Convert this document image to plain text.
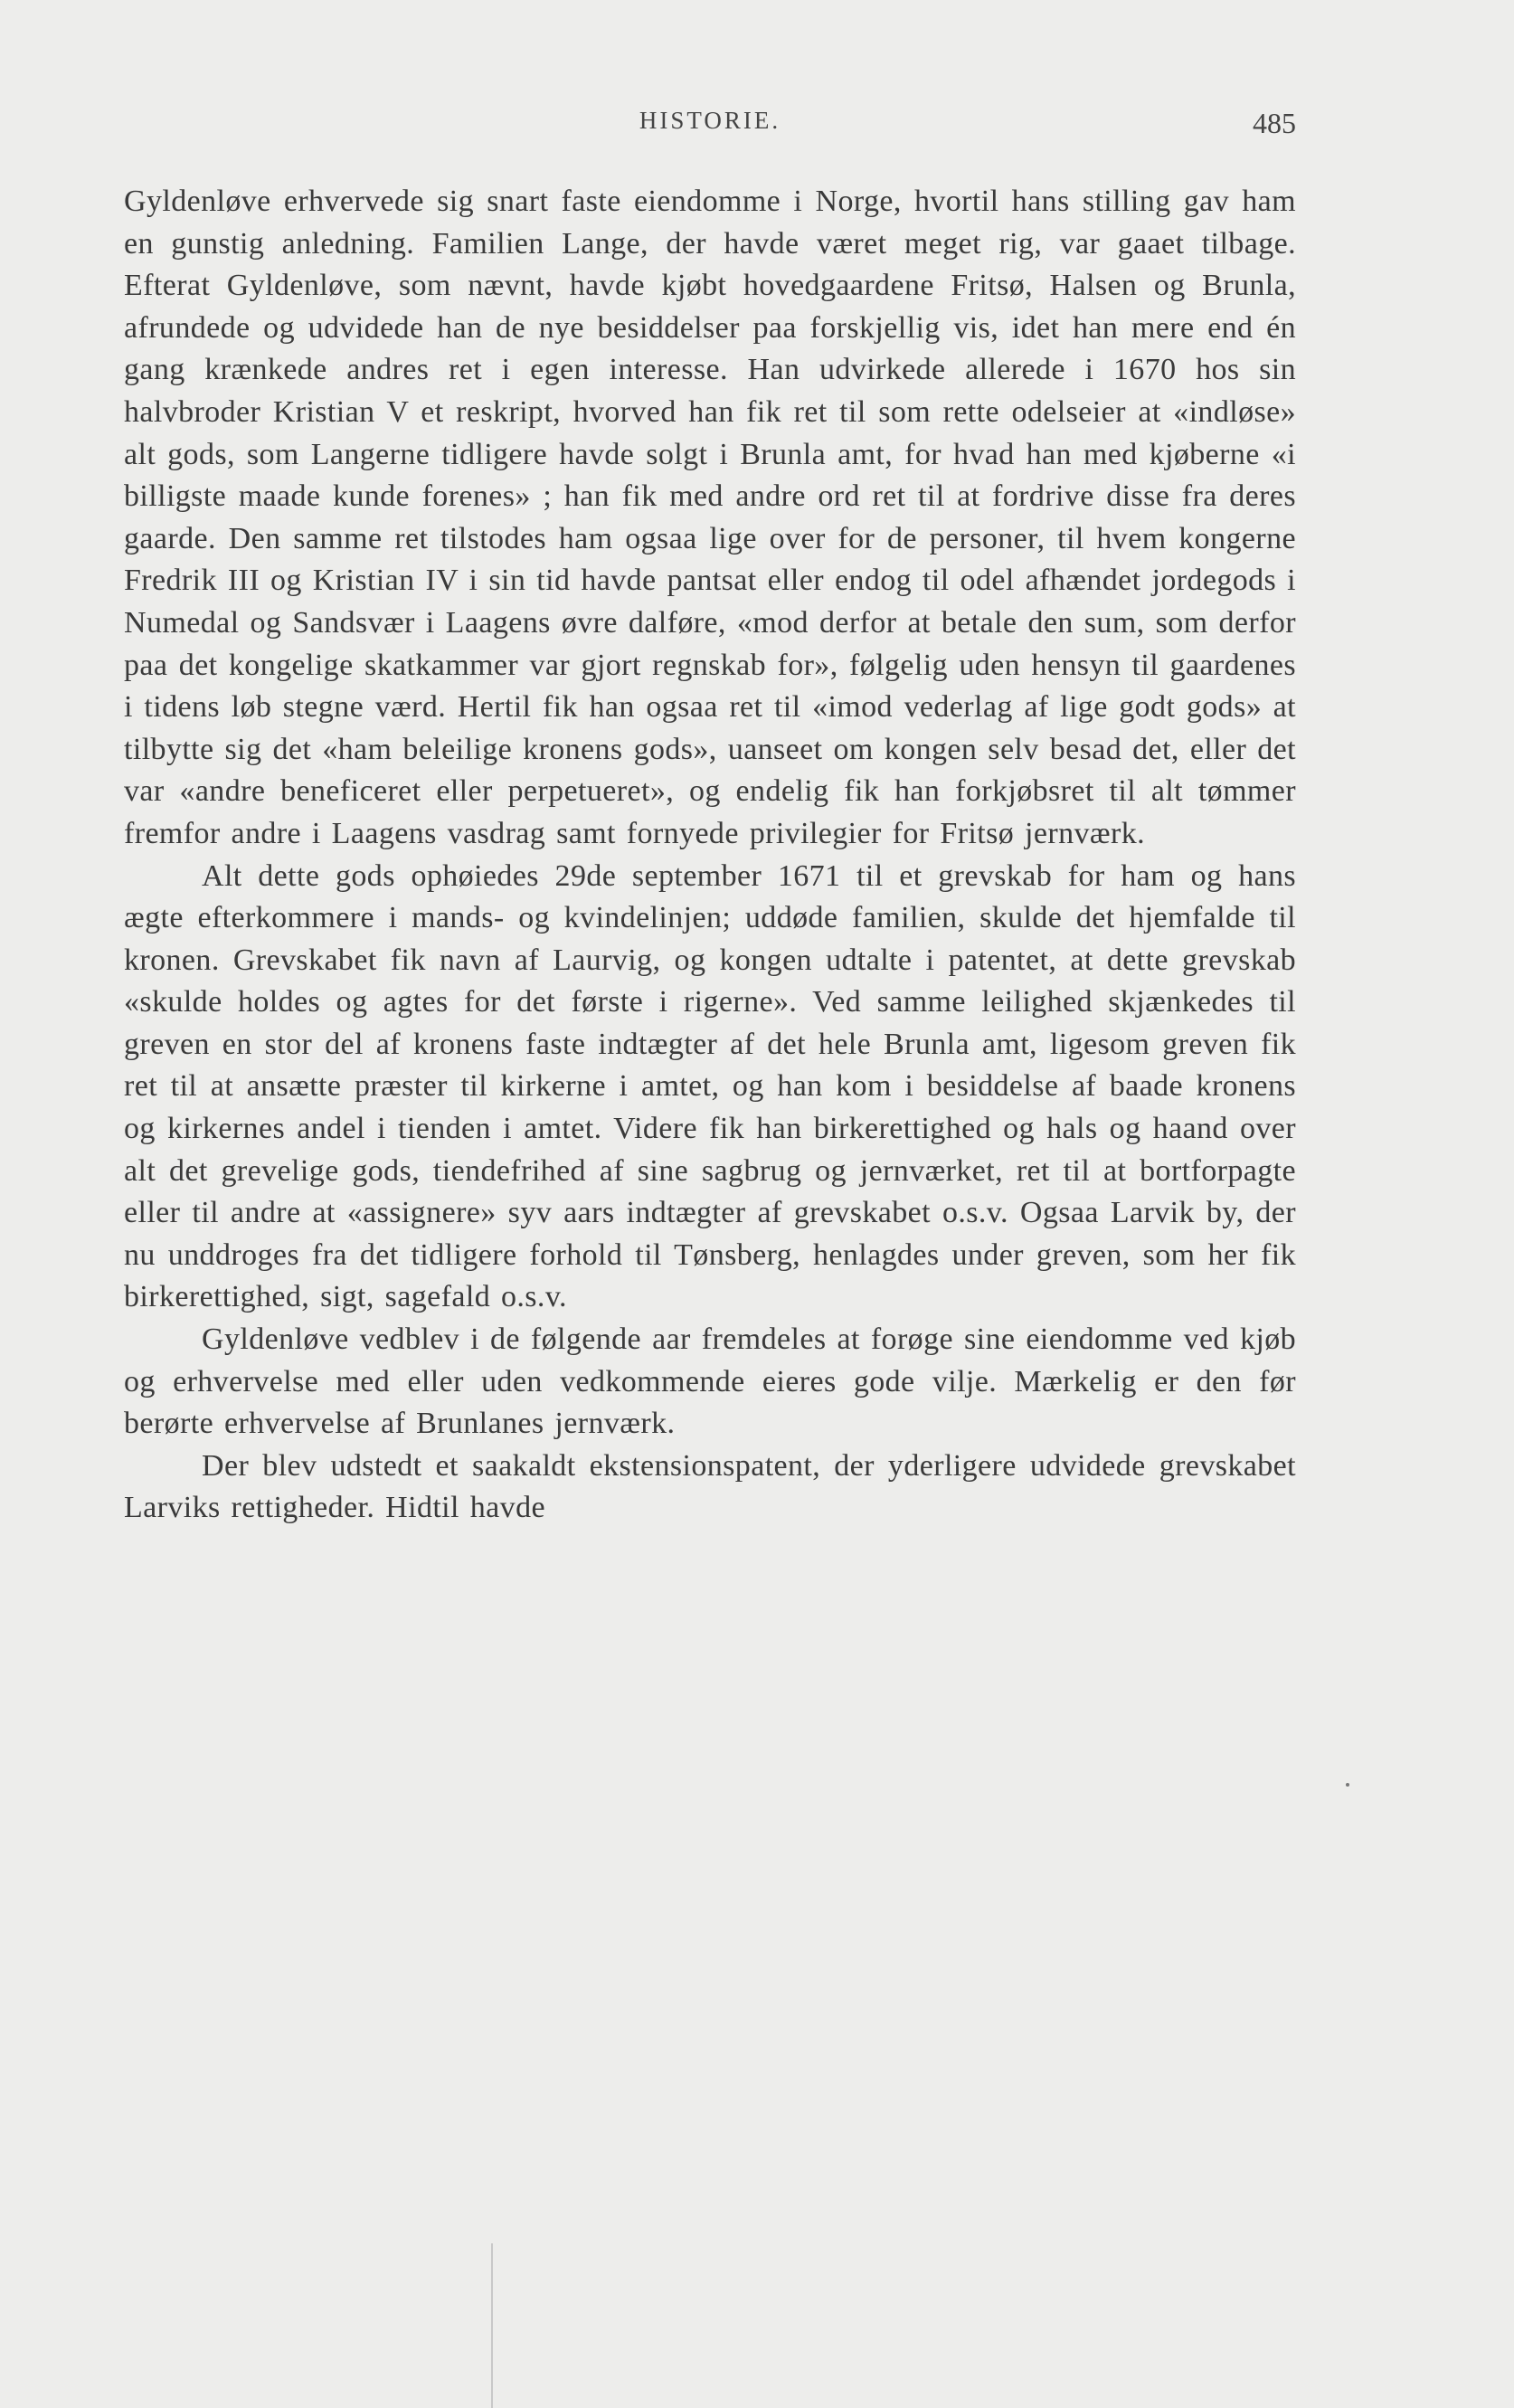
HISTORIE.	485

Gyldenløve erhvervede sig snart faste eiendomme i Norge, hvortil hans stilling gav ham en gunstig anledning. Familien Lange, der havde været meget rig, var gaaet tilbage. Efterat Gyldenløve, som nævnt, havde kjøbt hovedgaardene Fritsø, Halsen og Brunla, afrundede og udvidede han de nye besiddelser paa forskjellig vis, idet han mere end én gang krænkede andres ret i egen interesse. Han udvirkede allerede i 1670 hos sin halvbroder Kristian V et reskript, hvorved han fik ret til som rette odelseier at «indløse» alt gods, som Langerne tidligere havde solgt i Brunla amt, for hvad han med kjøberne «i billigste maade kunde forenes» ; han fik med andre ord ret til at fordrive disse fra deres gaarde. Den samme ret tilstodes ham ogsaa lige over for de personer, til hvem kongerne Fredrik III og Kristian IV i sin tid havde pantsat eller endog til odel afhændet jordegods i Numedal og Sandsvær i Laagens øvre dalføre, «mod derfor at betale den sum, som derfor paa det kongelige skatkammer var gjort regnskab for», følgelig uden hensyn til gaardenes i tidens løb stegne værd. Hertil fik han ogsaa ret til «imod vederlag af lige godt gods» at tilbytte sig det «ham beleilige kronens gods», uanseet om kongen selv besad det, eller det var «andre beneficeret eller perpetueret», og endelig fik han forkjøbsret til alt tømmer fremfor andre i Laagens vasdrag samt fornyede privilegier for Fritsø jernværk.

Alt dette gods ophøiedes 29de september 1671 til et grevskab for ham og hans ægte efterkommere i mands- og kvindelinjen; uddøde familien, skulde det hjemfalde til kronen. Grevskabet fik navn af Laurvig, og kongen udtalte i patentet, at dette grevskab «skulde holdes og agtes for det første i rigerne». Ved samme leilighed skjænkedes til greven en stor del af kronens faste indtægter af det hele Brunla amt, ligesom greven fik ret til at ansætte præster til kirkerne i amtet, og han kom i besiddelse af baade kronens og kirkernes andel i tienden i amtet. Videre fik han birkerettighed og hals og haand over alt det grevelige gods, tiendefrihed af sine sagbrug og jernværket, ret til at bortforpagte eller til andre at «assignere» syv aars indtægter af grevskabet o.s.v. Ogsaa Larvik by, der nu unddroges fra det tidligere forhold til Tønsberg, henlagdes under greven, som her fik birkerettighed, sigt, sagefald o.s.v.

Gyldenløve vedblev i de følgende aar fremdeles at forøge sine eiendomme ved kjøb og erhvervelse med eller uden vedkommende eieres gode vilje. Mærkelig er den før berørte erhvervelse af Brunlanes jernværk.

Der blev udstedt et saakaldt ekstensionspatent, der yderligere udvidede grevskabet Larviks rettigheder. Hidtil havde
